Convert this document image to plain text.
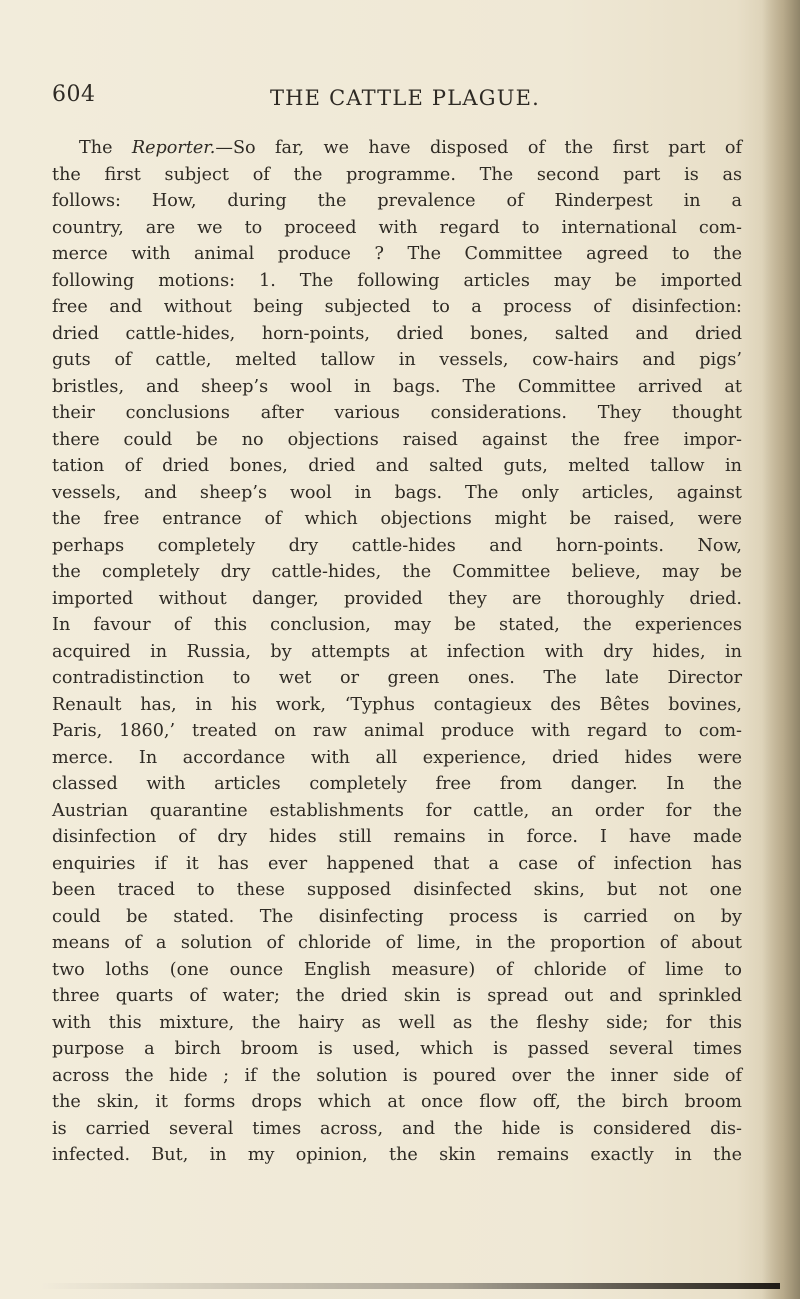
604	THE CATTLE PLAGUE.
The Reporter.—So far, we have disposed of the first part of
the first subject of the programme. The second part is as
follows: How, during the prevalence of Rinderpest in a
country, are we to proceed with regard to international com-
merce with animal produce ? The Committee agreed to the
following motions: 1. The following articles may be imported
free and without being subjected to a process of disinfection:
dried cattle-hides, horn-points, dried bones, salted and dried
guts of cattle, melted tallow in vessels, cow-hairs and pigs’
bristles, and sheep’s wool in bags. The Committee arrived at
their conclusions after various considerations. They thought
there could be no objections raised against the free impor-
tation of dried bones, dried and salted guts, melted tallow in
vessels, and sheep’s wool in bags. The only articles, against
the free entrance of which objections might be raised, were
perhaps completely dry cattle-hides and horn-points. Now,
the completely dry cattle-hides, the Committee believe, may be
imported without danger, provided they are thoroughly dried.
In favour of this conclusion, may be stated, the experiences
acquired in Russia, by attempts at infection with dry hides, in
contradistinction to wet or green ones. The late Director
Renault has, in his work, ‘Typhus contagieux des Bêtes bovines,
Paris, 1860,’ treated on raw animal produce with regard to com-
merce. In accordance with all experience, dried hides were
classed with articles completely free from danger. In the
Austrian quarantine establishments for cattle, an order for the
disinfection of dry hides still remains in force. I have made
enquiries if it has ever happened that a case of infection has
been traced to these supposed disinfected skins, but not one
could be stated. The disinfecting process is carried on by
means of a solution of chloride of lime, in the proportion of about
two loths (one ounce English measure) of chloride of lime to
three quarts of water; the dried skin is spread out and sprinkled
with this mixture, the hairy as well as the fleshy side; for this
purpose a birch broom is used, which is passed several times
across the hide ; if the solution is poured over the inner side of
the skin, it forms drops which at once flow off, the birch broom
is carried several times across, and the hide is considered dis-
infected. But, in my opinion, the skin remains exactly in the
